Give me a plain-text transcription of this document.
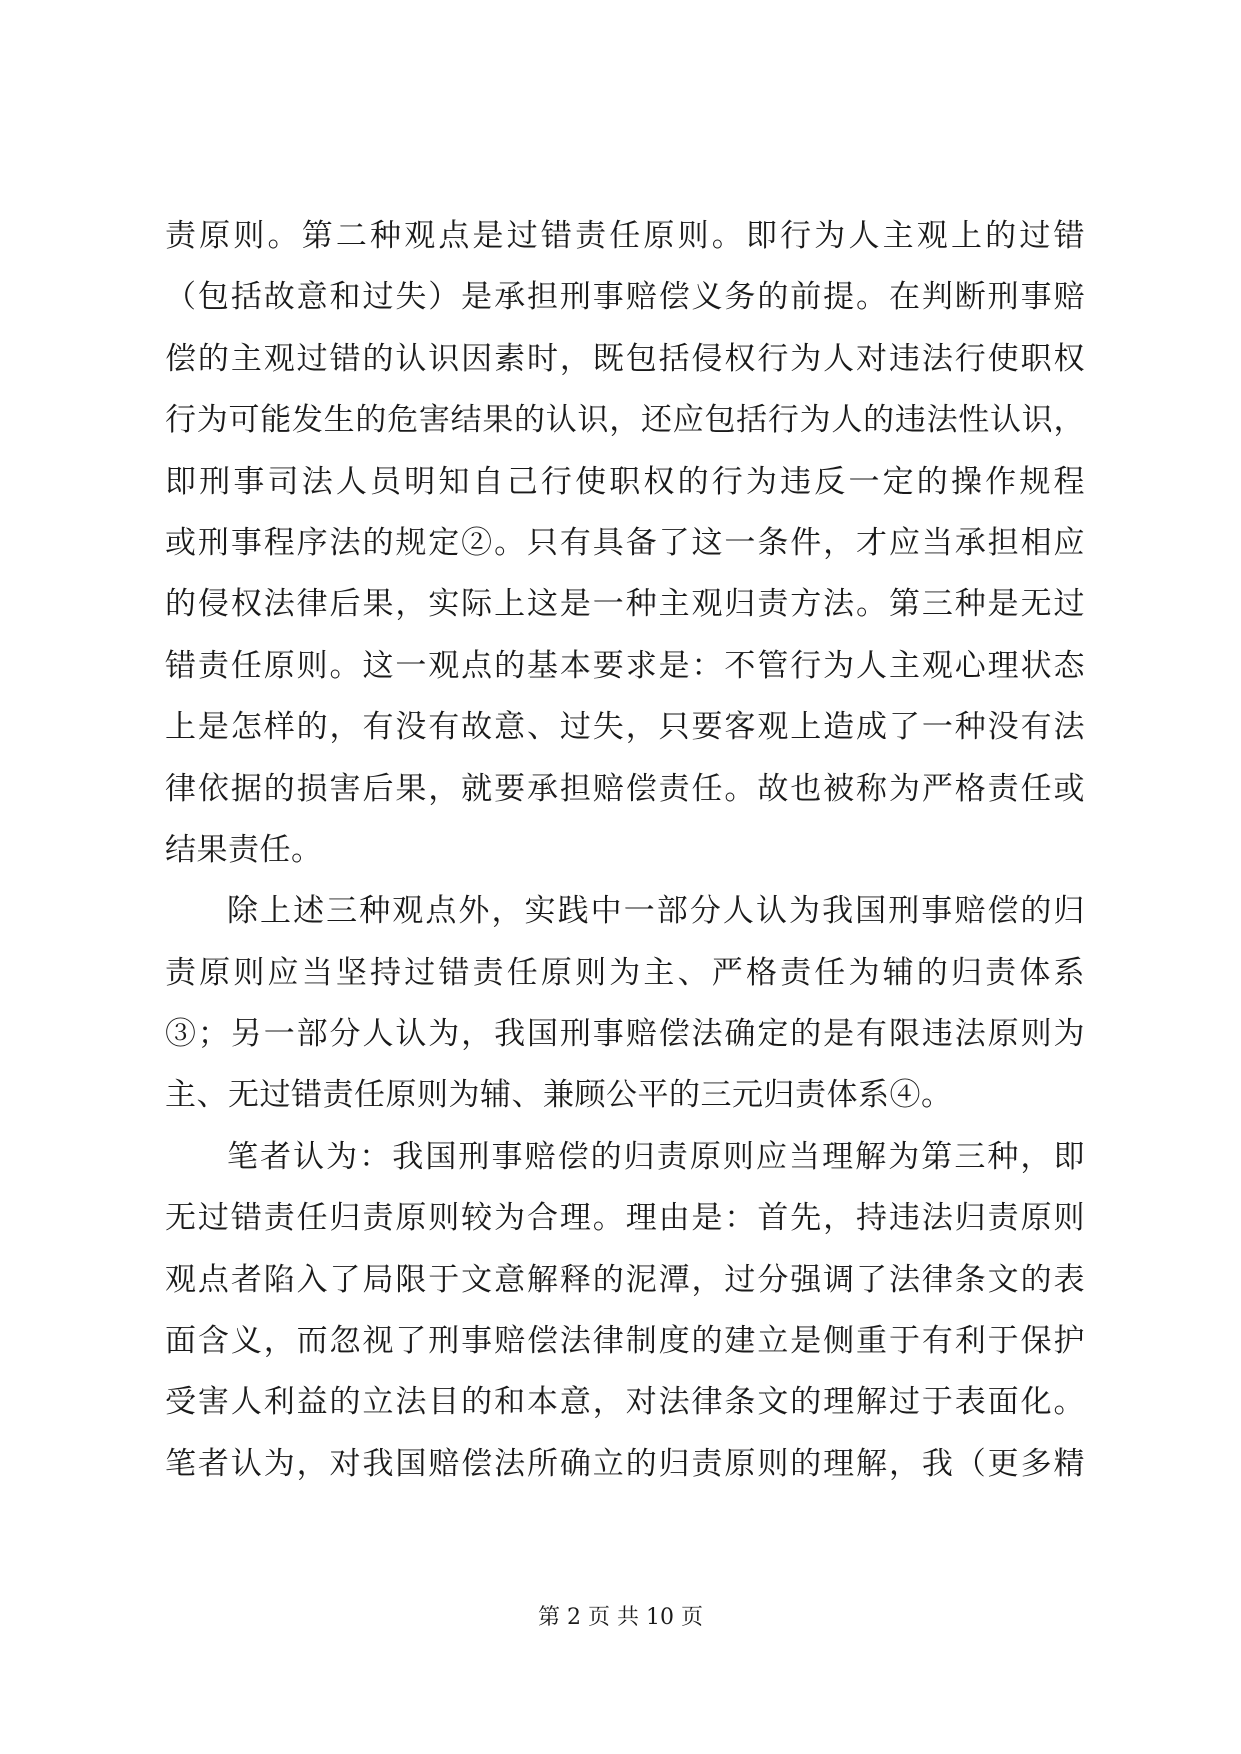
责原则。第二种观点是过错责任原则。即行为人主观上的过错
（包括故意和过失）是承担刑事赔偿义务的前提。在判断刑事赔
偿的主观过错的认识因素时，既包括侵权行为人对违法行使职权
行为可能发生的危害结果的认识，还应包括行为人的违法性认识，
即刑事司法人员明知自己行使职权的行为违反一定的操作规程
或刑事程序法的规定②。只有具备了这一条件，才应当承担相应
的侵权法律后果，实际上这是一种主观归责方法。第三种是无过
错责任原则。这一观点的基本要求是：不管行为人主观心理状态
上是怎样的，有没有故意、过失，只要客观上造成了一种没有法
律依据的损害后果，就要承担赔偿责任。故也被称为严格责任或
结果责任。
除上述三种观点外，实践中一部分人认为我国刑事赔偿的归
责原则应当坚持过错责任原则为主、严格责任为辅的归责体系
③；另一部分人认为，我国刑事赔偿法确定的是有限违法原则为
主、无过错责任原则为辅、兼顾公平的三元归责体系④。
笔者认为：我国刑事赔偿的归责原则应当理解为第三种，即
无过错责任归责原则较为合理。理由是：首先，持违法归责原则
观点者陷入了局限于文意解释的泥潭，过分强调了法律条文的表
面含义，而忽视了刑事赔偿法律制度的建立是侧重于有利于保护
受害人利益的立法目的和本意，对法律条文的理解过于表面化。
笔者认为，对我国赔偿法所确立的归责原则的理解，我（更多精
第 2 页 共 10 页
